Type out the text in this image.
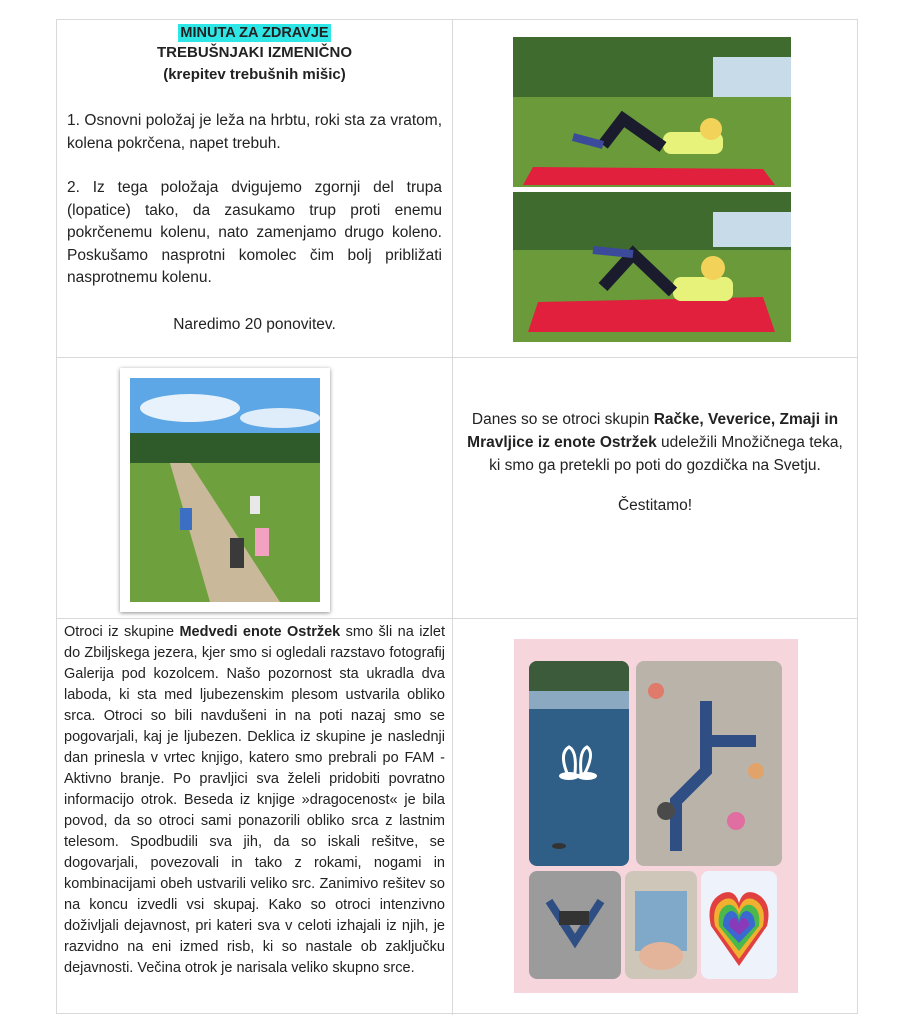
MINUTA ZA ZDRAVJE
TREBUŠNJAKI IZMENIČNO
(krepitev trebušnih mišic)

1. Osnovni položaj je leža na hrbtu, roki sta za vratom, kolena pokrčena, napet trebuh.

2. Iz tega položaja dvigujemo zgornji del trupa (lopatice) tako, da zasukamo trup proti enemu pokrčenemu kolenu, nato zamenjamo drugo koleno. Poskušamo nasprotni komolec čim bolj približati nasprotnemu kolenu.

Naredimo 20 ponovitev.

Danes so se otroci skupin Račke, Veverice, Zmaji in Mravljice iz enote Ostržek udeležili Množičnega teka, ki smo ga pretekli po poti do gozdička na Svetju.

Čestitamo!

Otroci iz skupine Medvedi enote Ostržek smo šli na izlet do Zbiljskega jezera, kjer smo si ogledali razstavo fotografij Galerija pod kozolcem. Našo pozornost sta ukradla dva laboda, ki sta med ljubezenskim plesom ustvarila obliko srca. Otroci so bili navdušeni in na poti nazaj smo se pogovarjali, kaj je ljubezen. Deklica iz skupine je naslednji dan prinesla v vrtec knjigo, katero smo prebrali po FAM - Aktivno branje. Po pravljici sva želeli pridobiti povratno informacijo otrok. Beseda iz knjige »dragocenost« je bila povod, da so otroci sami ponazorili obliko srca z lastnim telesom. Spodbudili sva jih, da so iskali rešitve, se dogovarjali, povezovali in tako z rokami, nogami in kombinacijami obeh ustvarili veliko src. Zanimivo rešitev so na koncu izvedli vsi skupaj. Kako so otroci intenzivno doživljali dejavnost, pri kateri sva v celoti izhajali iz njih, je razvidno na eni izmed risb, ki so nastale ob zaključku dejavnosti. Večina otrok je narisala veliko skupno srce.
